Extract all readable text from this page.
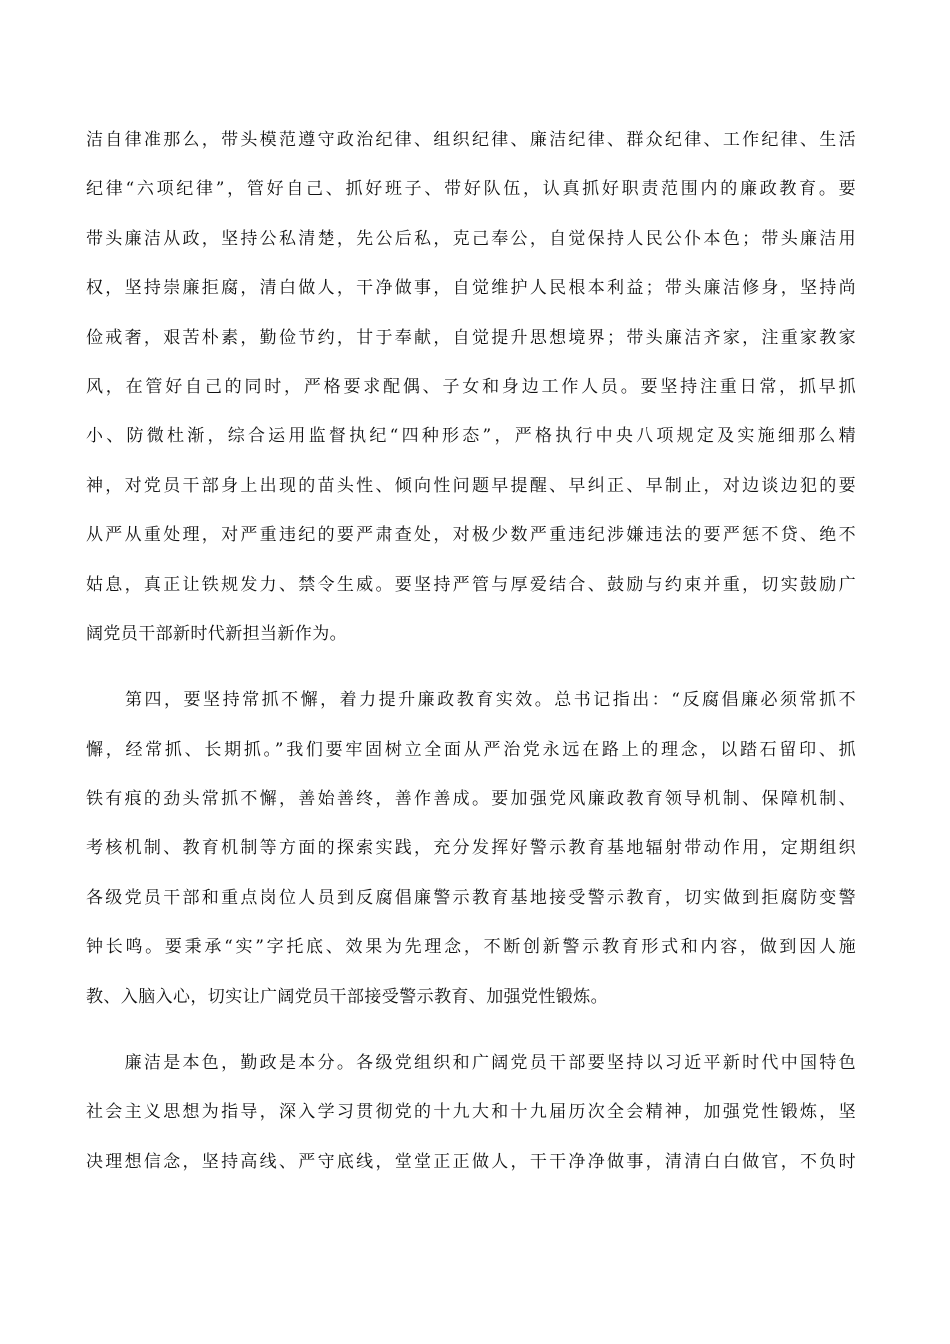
洁自律准那么，带头模范遵守政治纪律、组织纪律、廉洁纪律、群众纪律、工作纪律、生活
纪律“六项纪律”，管好自己、抓好班子、带好队伍，认真抓好职责范围内的廉政教育。要
带头廉洁从政，坚持公私清楚，先公后私，克己奉公，自觉保持人民公仆本色；带头廉洁用
权，坚持崇廉拒腐，清白做人，干净做事，自觉维护人民根本利益；带头廉洁修身，坚持尚
俭戒奢，艰苦朴素，勤俭节约，甘于奉献，自觉提升思想境界；带头廉洁齐家，注重家教家
风，在管好自己的同时，严格要求配偶、子女和身边工作人员。要坚持注重日常，抓早抓
小、防微杜渐，综合运用监督执纪“四种形态”，严格执行中央八项规定及实施细那么精
神，对党员干部身上出现的苗头性、倾向性问题早提醒、早纠正、早制止，对边谈边犯的要
从严从重处理，对严重违纪的要严肃查处，对极少数严重违纪涉嫌违法的要严惩不贷、绝不
姑息，真正让铁规发力、禁令生威。要坚持严管与厚爱结合、鼓励与约束并重，切实鼓励广
阔党员干部新时代新担当新作为。
　　第四，要坚持常抓不懈，着力提升廉政教育实效。总书记指出：“反腐倡廉必须常抓不
懈，经常抓、长期抓。”我们要牢固树立全面从严治党永远在路上的理念，以踏石留印、抓
铁有痕的劲头常抓不懈，善始善终，善作善成。要加强党风廉政教育领导机制、保障机制、
考核机制、教育机制等方面的探索实践，充分发挥好警示教育基地辐射带动作用，定期组织
各级党员干部和重点岗位人员到反腐倡廉警示教育基地接受警示教育，切实做到拒腐防变警
钟长鸣。要秉承“实”字托底、效果为先理念，不断创新警示教育形式和内容，做到因人施
教、入脑入心，切实让广阔党员干部接受警示教育、加强党性锻炼。
　　廉洁是本色，勤政是本分。各级党组织和广阔党员干部要坚持以习近平新时代中国特色
社会主义思想为指导，深入学习贯彻党的十九大和十九届历次全会精神，加强党性锻炼，坚
决理想信念，坚持高线、严守底线，堂堂正正做人，干干净净做事，清清白白做官，不负时
